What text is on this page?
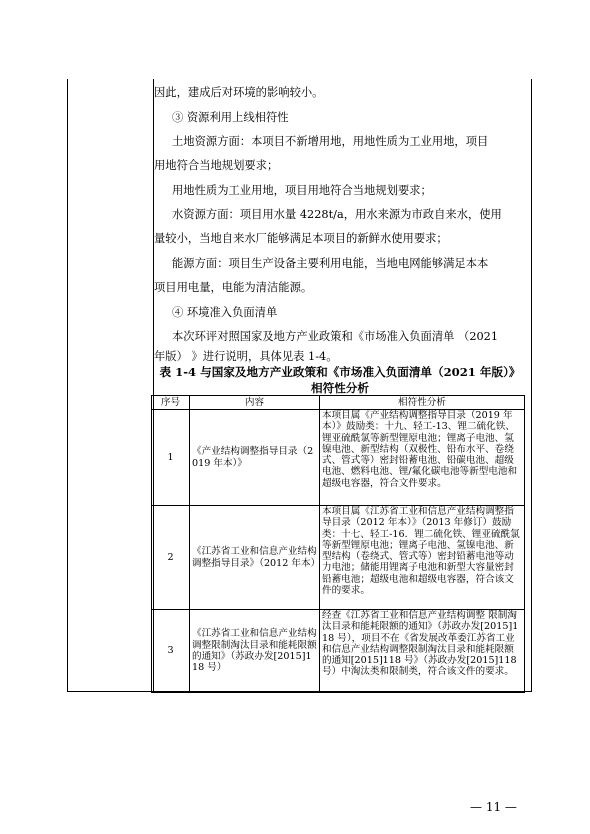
因此，建成后对环境的影响较小。
③ 资源利用上线相符性
土地资源方面：本项目不新增用地，用地性质为工业用地，项目
用地符合当地规划要求；
用地性质为工业用地，项目用地符合当地规划要求；
水资源方面：项目用水量 4228t/a，用水来源为市政自来水，使用
量较小，当地自来水厂能够满足本项目的新鲜水使用要求；
能源方面：项目生产设备主要利用电能，当地电网能够满足本本
项目用电量，电能为清洁能源。
④ 环境准入负面清单
本次环评对照国家及地方产业政策和《市场准入负面清单 （2021
年版） 》进行说明，具体见表 1-4。
表 1-4 与国家及地方产业政策和《市场准入负面清单（2021 年版）》
相符性分析
序号	内容	相符性分析
1	《产业结构调整指导目录（2019 年本）》	本项目属《产业结构调整指导目录（2019 年本）》鼓励类：十九、轻工-13、锂二硫化铁、锂亚硫酰氯等新型锂原电池；锂离子电池、氢镍电池、新型结构（双极性、铅布水平、卷绕式、管式等）密封铅蓄电池、铅碳电池、超级电池、燃料电池、锂/氟化碳电池等新型电池和超级电容器，符合文件要求。
2	《江苏省工业和信息产业结构调整指导目录》（2012 年本）	本项目属《江苏省工业和信息产业结构调整指导目录（2012 年本）》（2013 年修订）鼓励类：十七、轻工-16．锂二硫化铁、锂亚硫酰氯等新型锂原电池；锂离子电池、氢镍电池、新型结构（卷绕式、管式等）密封铅蓄电池等动力电池；储能用锂离子电池和新型大容量密封铅蓄电池；超级电池和超级电容器，符合该文件的要求。
3	《江苏省工业和信息产业结构调整限制淘汰目录和能耗限额的通知》（苏政办发[2015]118 号）	经查《江苏省工业和信息产业结构调整 限制淘汰目录和能耗限额的通知》（苏政办发[2015]118 号），项目不在《省发展改革委江苏省工业和信息产业结构调整限制淘汰目录和能耗限额的通知[2015]118 号》（苏政办发[2015]118 号）中淘汰类和限制类，符合该文件的要求。
— 11 —
